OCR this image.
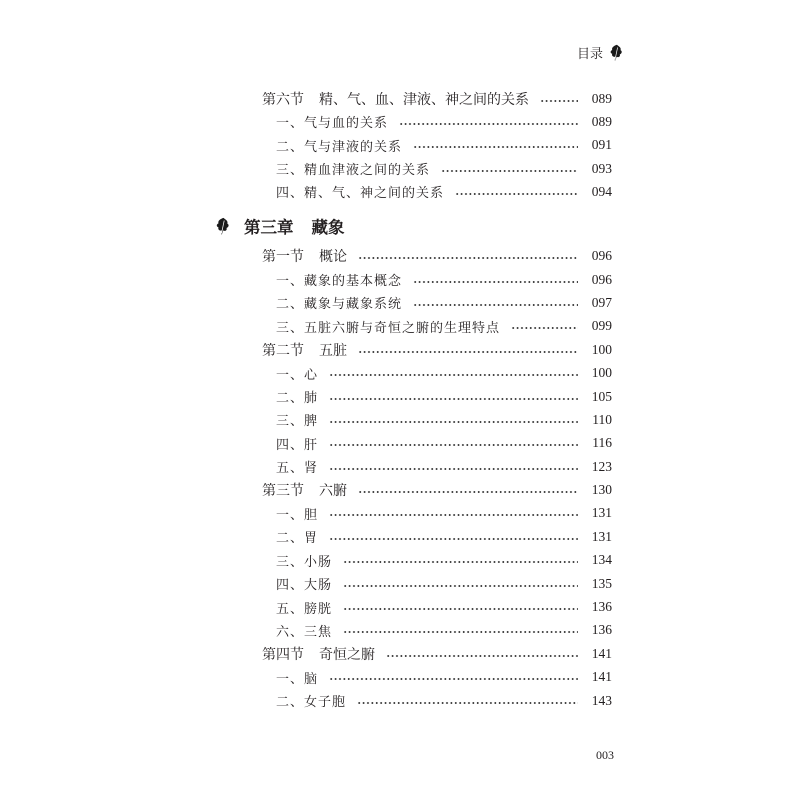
目录
第六节 精、气、血、津液、神之间的关系	089
一、气与血的关系	089
二、气与津液的关系	091
三、精血津液之间的关系	093
四、精、气、神之间的关系	094
第三章 藏象
第一节 概论	096
一、藏象的基本概念	096
二、藏象与藏象系统	097
三、五脏六腑与奇恒之腑的生理特点	099
第二节 五脏	100
一、心	100
二、肺	105
三、脾	110
四、肝	116
五、肾	123
第三节 六腑	130
一、胆	131
二、胃	131
三、小肠	134
四、大肠	135
五、膀胱	136
六、三焦	136
第四节 奇恒之腑	141
一、脑	141
二、女子胞	143
003
